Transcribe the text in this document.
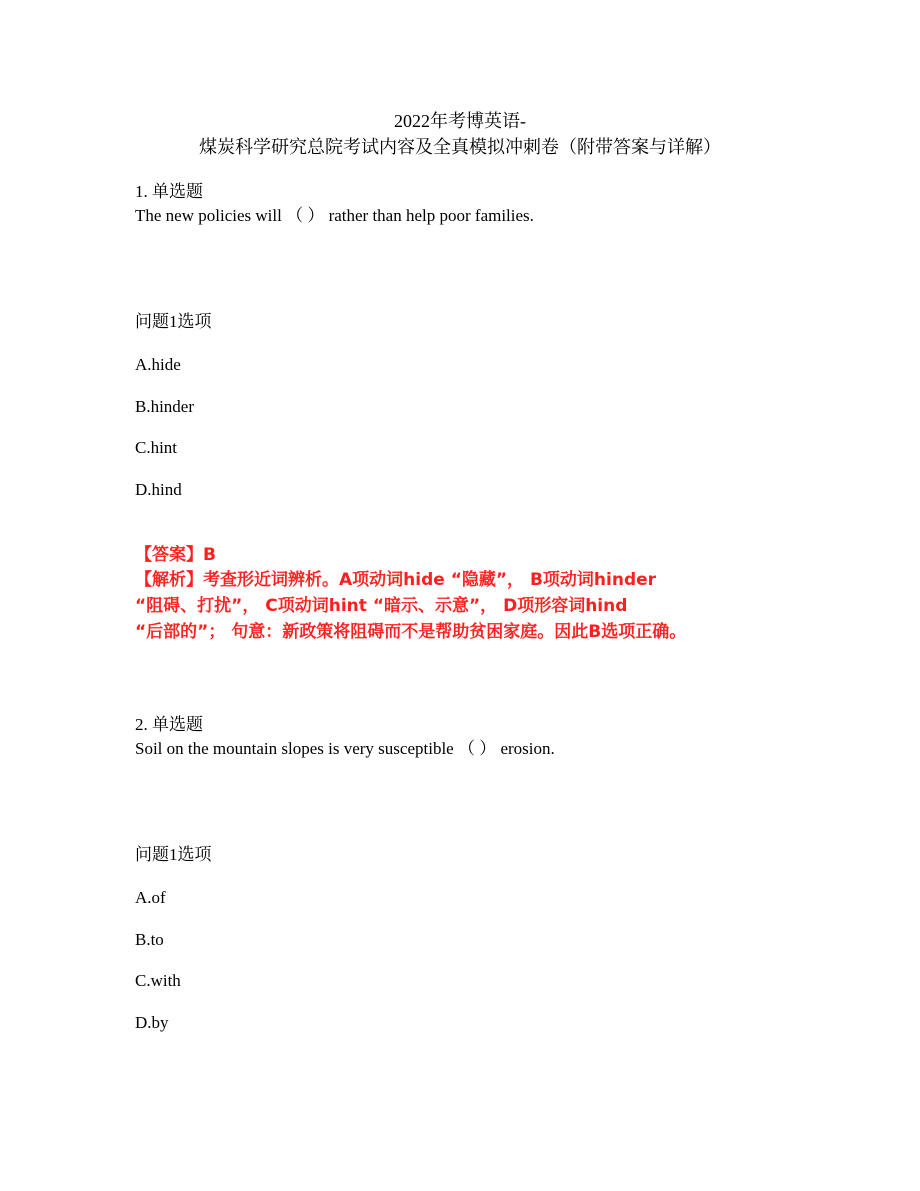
2022年考博英语-
煤炭科学研究总院考试内容及全真模拟冲刺卷（附带答案与详解）
1. 单选题
The new policies will （ ） rather than help poor families.
问题1选项
A.hide
B.hinder
C.hint
D.hind
【答案】B
【解析】考查形近词辨析。A项动词hide “隐藏”， B项动词hinder
“阻碍、打扰”， C项动词hint “暗示、示意”， D项形容词hind
“后部的”； 句意：新政策将阻碍而不是帮助贫困家庭。因此B选项正确。
2. 单选题
Soil on the mountain slopes is very susceptible （ ） erosion.
问题1选项
A.of
B.to
C.with
D.by
